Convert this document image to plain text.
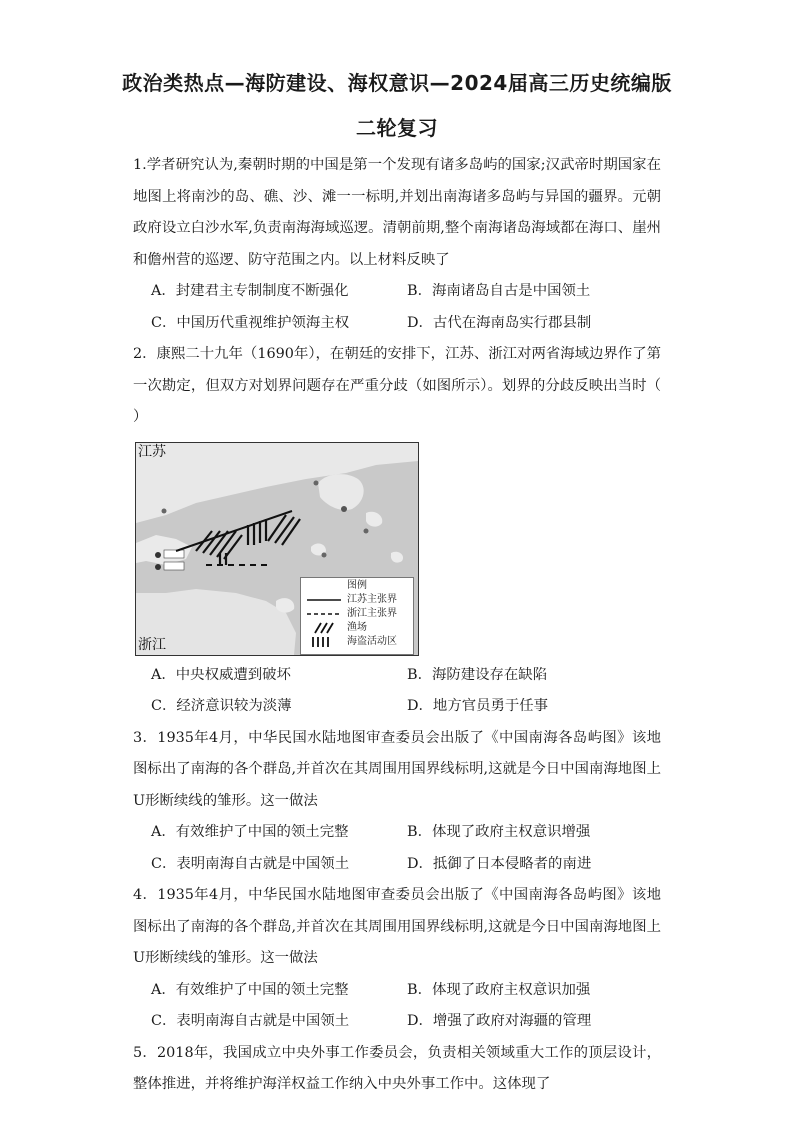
政治类热点—海防建设、海权意识—2024届高三历史统编版
二轮复习
1.学者研究认为,秦朝时期的中国是第一个发现有诸多岛屿的国家;汉武帝时期国家在地图上将南沙的岛、礁、沙、滩一一标明,并划出南海诸多岛屿与异国的疆界。元朝政府设立白沙水军,负责南海海域巡逻。清朝前期,整个南海诸岛海域都在海口、崖州和儋州营的巡逻、防守范围之内。以上材料反映了
A．封建君主专制制度不断强化	B．海南诸岛自古是中国领土
C．中国历代重视维护领海主权	D．古代在海南岛实行郡县制
2．康熙二十九年（1690年），在朝廷的安排下，江苏、浙江对两省海域边界作了第一次勘定，但双方对划界问题存在严重分歧（如图所示）。划界的分歧反映出当时（ ）
江苏
浙江
图例
江苏主张界
浙江主张界
渔场
海盗活动区
A．中央权威遭到破坏	B．海防建设存在缺陷
C．经济意识较为淡薄	D．地方官员勇于任事
3．1935年4月，中华民国水陆地图审查委员会出版了《中国南海各岛屿图》该地图标出了南海的各个群岛,并首次在其周围用国界线标明,这就是今日中国南海地图上U形断续线的雏形。这一做法
A．有效维护了中国的领土完整	B．体现了政府主权意识增强
C．表明南海自古就是中国领土	D．抵御了日本侵略者的南进
4．1935年4月，中华民国水陆地图审查委员会出版了《中国南海各岛屿图》该地图标出了南海的各个群岛,并首次在其周围用国界线标明,这就是今日中国南海地图上U形断续线的雏形。这一做法
A．有效维护了中国的领土完整	B．体现了政府主权意识加强
C．表明南海自古就是中国领土	D．增强了政府对海疆的管理
5．2018年，我国成立中央外事工作委员会，负责相关领域重大工作的顶层设计，整体推进，并将维护海洋权益工作纳入中央外事工作中。这体现了
